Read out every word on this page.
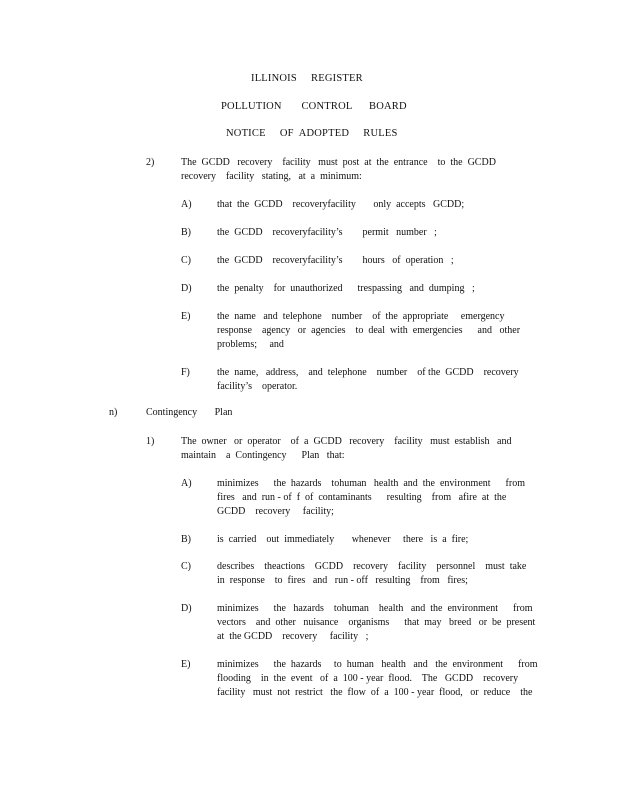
ILLINOIS     REGISTER
POLLUTION       CONTROL      BOARD
NOTICE     OF  ADOPTED     RULES
2)	The  GCDD   recovery    facility   must  post  at  the  entrance    to  the  GCDD
recovery    facility   stating,   at  a  minimum:
A)	that  the  GCDD    recoveryfacility       only  accepts   GCDD;
B)	the  GCDD    recoveryfacility’s        permit   number   ;
C)	the  GCDD    recoveryfacility’s        hours   of  operation   ;
D)	the  penalty    for  unauthorized      trespassing   and  dumping   ;
E)	the  name   and  telephone    number    of  the  appropriate     emergency
response    agency   or  agencies    to  deal  with  emergencies      and   other
problems;     and
F)	the  name,   address,    and  telephone    number    of the  GCDD    recovery
facility’s    operator.
n)	Contingency       Plan
1)	The  owner   or  operator    of  a  GCDD   recovery    facility   must  establish   and
maintain    a  Contingency      Plan   that:
A)	minimizes      the  hazards    tohuman   health  and  the  environment      from
fires   and  run - of  f  of  contaminants      resulting    from   afire  at  the
GCDD    recovery     facility;
B)	is  carried    out  immediately       whenever     there   is  a  fire;
C)	describes    theactions    GCDD    recovery    facility    personnel    must  take
in  response    to  fires   and   run - off   resulting    from   fires;
D)	minimizes      the   hazards    tohuman    health   and  the  environment      from
vectors    and  other   nuisance    organisms      that  may   breed   or  be  present
at  the GCDD    recovery     facility   ;
E)	minimizes      the  hazards     to  human   health   and   the  environment      from
flooding    in  the  event   of  a  100 - year  flood.    The   GCDD    recovery
facility   must  not  restrict   the  flow  of  a  100 - year  flood,   or  reduce    the
